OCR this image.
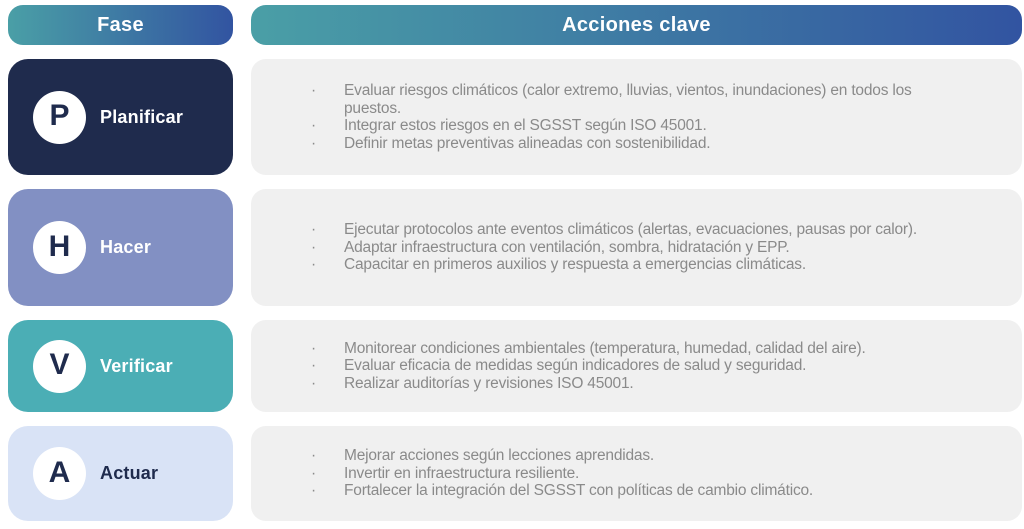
Fase	Acciones clave
P Planificar
·	Evaluar riesgos climáticos (calor extremo, lluvias, vientos, inundaciones) en todos los puestos.
·	Integrar estos riesgos en el SGSST según ISO 45001.
·	Definir metas preventivas alineadas con sostenibilidad.
H Hacer
·	Ejecutar protocolos ante eventos climáticos (alertas, evacuaciones, pausas por calor).
·	Adaptar infraestructura con ventilación, sombra, hidratación y EPP.
·	Capacitar en primeros auxilios y respuesta a emergencias climáticas.
V Verificar
·	Monitorear condiciones ambientales (temperatura, humedad, calidad del aire).
·	Evaluar eficacia de medidas según indicadores de salud y seguridad.
·	Realizar auditorías y revisiones ISO 45001.
A Actuar
·	Mejorar acciones según lecciones aprendidas.
·	Invertir en infraestructura resiliente.
·	Fortalecer la integración del SGSST con políticas de cambio climático.
